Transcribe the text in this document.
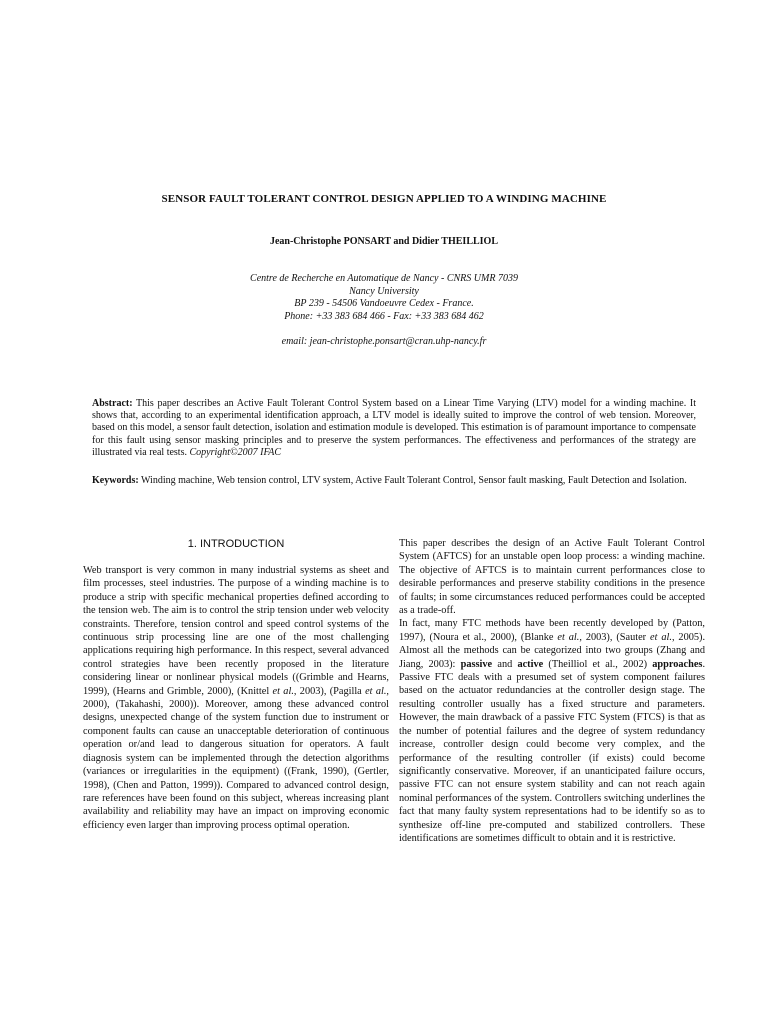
SENSOR FAULT TOLERANT CONTROL DESIGN APPLIED TO A WINDING MACHINE
Jean-Christophe PONSART and Didier THEILLIOL
Centre de Recherche en Automatique de Nancy - CNRS UMR 7039
Nancy University
BP 239 - 54506 Vandoeuvre Cedex - France.
Phone: +33 383 684 466 - Fax: +33 383 684 462
email: jean-christophe.ponsart@cran.uhp-nancy.fr
Abstract: This paper describes an Active Fault Tolerant Control System based on a Linear Time Varying (LTV) model for a winding machine. It shows that, according to an experimental identification approach, a LTV model is ideally suited to improve the control of web tension. Moreover, based on this model, a sensor fault detection, isolation and estimation module is developed. This estimation is of paramount importance to compensate for this fault using sensor masking principles and to preserve the system performances. The effectiveness and performances of the strategy are illustrated via real tests. Copyright©2007 IFAC
Keywords: Winding machine, Web tension control, LTV system, Active Fault Tolerant Control, Sensor fault masking, Fault Detection and Isolation.
1. INTRODUCTION

Web transport is very common in many industrial systems as sheet and film processes, steel industries. The purpose of a winding machine is to produce a strip with specific mechanical properties defined according to the tension web. The aim is to control the strip tension under web velocity constraints. Therefore, tension control and speed control systems of the continuous strip processing line are one of the most challenging applications requiring high performance. In this respect, several advanced control strategies have been recently proposed in the literature considering linear or nonlinear physical models ((Grimble and Hearns, 1999), (Hearns and Grimble, 2000), (Knittel et al., 2003), (Pagilla et al., 2000), (Takahashi, 2000)). Moreover, among these advanced control designs, unexpected change of the system function due to instrument or component faults can cause an unacceptable deterioration of continuous operation or/and lead to dangerous situation for operators. A fault diagnosis system can be implemented through the detection algorithms (variances or irregularities in the equipment) ((Frank, 1990), (Gertler, 1998), (Chen and Patton, 1999)). Compared to advanced control design, rare references have been found on this subject, whereas increasing plant availability and reliability may have an impact on improving economic efficiency even larger than improving process optimal operation.

This paper describes the design of an Active Fault Tolerant Control System (AFTCS) for an unstable open loop process: a winding machine. The objective of AFTCS is to maintain current performances close to desirable performances and preserve stability conditions in the presence of faults; in some circumstances reduced performances could be accepted as a trade-off.

In fact, many FTC methods have been recently developed by (Patton, 1997), (Noura et al., 2000), (Blanke et al., 2003), (Sauter et al., 2005). Almost all the methods can be categorized into two groups (Zhang and Jiang, 2003): passive and active (Theilliol et al., 2002) approaches. Passive FTC deals with a presumed set of system component failures based on the actuator redundancies at the controller design stage. The resulting controller usually has a fixed structure and parameters. However, the main drawback of a passive FTC System (FTCS) is that as the number of potential failures and the degree of system redundancy increase, controller design could become very complex, and the performance of the resulting controller (if exists) could become significantly conservative. Moreover, if an unanticipated failure occurs, passive FTC can not ensure system stability and can not reach again nominal performances of the system. Controllers switching underlines the fact that many faulty system representations had to be identify so as to synthesize off-line pre-computed and stabilized controllers. These identifications are sometimes difficult to obtain and it is restrictive.
